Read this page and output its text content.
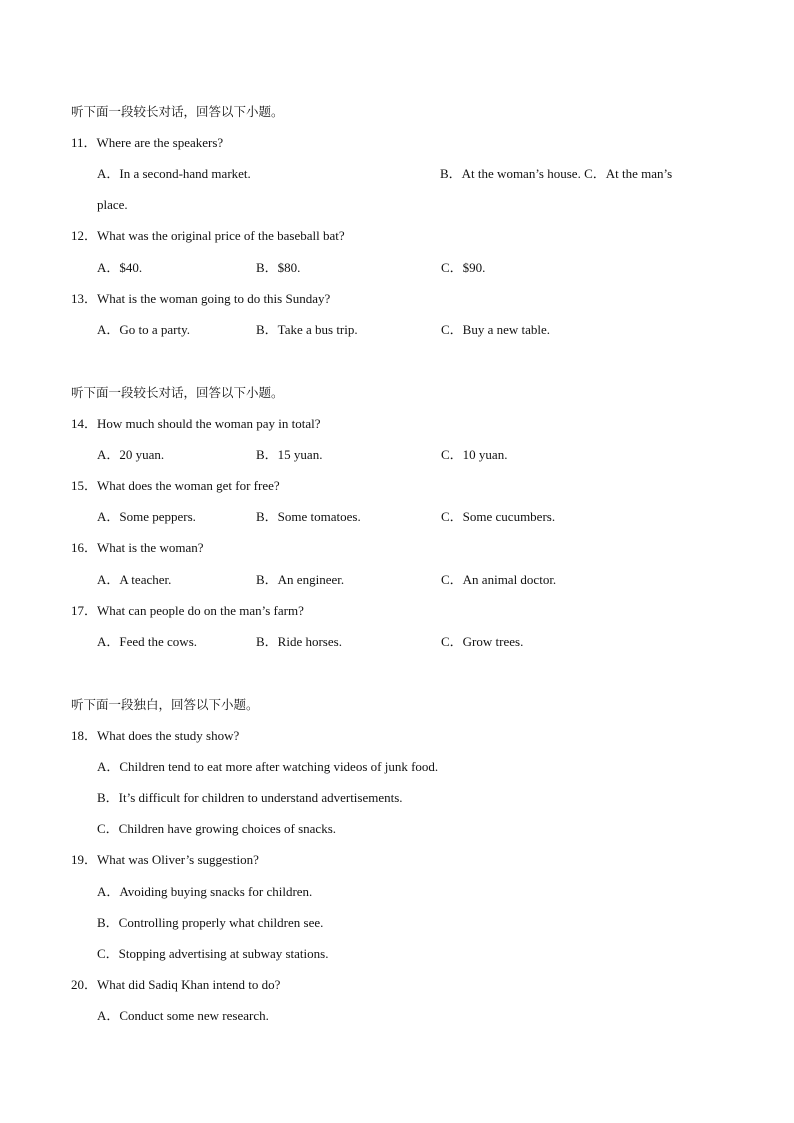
听下面一段较长对话，回答以下小题。
11．Where are the speakers?
A．In a second-hand market.	B．At the woman’s house. C．At the man’s
place.
12．What was the original price of the baseball bat?
A．$40.	B．$80.	C．$90.
13．What is the woman going to do this Sunday?
A．Go to a party.	B．Take a bus trip.	C．Buy a new table.
听下面一段较长对话，回答以下小题。
14．How much should the woman pay in total?
A．20 yuan.	B．15 yuan.	C．10 yuan.
15．What does the woman get for free?
A．Some peppers.	B．Some tomatoes.	C．Some cucumbers.
16．What is the woman?
A．A teacher.	B．An engineer.	C．An animal doctor.
17．What can people do on the man’s farm?
A．Feed the cows.	B．Ride horses.	C．Grow trees.
听下面一段独白，回答以下小题。
18．What does the study show?
A．Children tend to eat more after watching videos of junk food.
B．It’s difficult for children to understand advertisements.
C．Children have growing choices of snacks.
19．What was Oliver’s suggestion?
A．Avoiding buying snacks for children.
B．Controlling properly what children see.
C．Stopping advertising at subway stations.
20．What did Sadiq Khan intend to do?
A．Conduct some new research.
